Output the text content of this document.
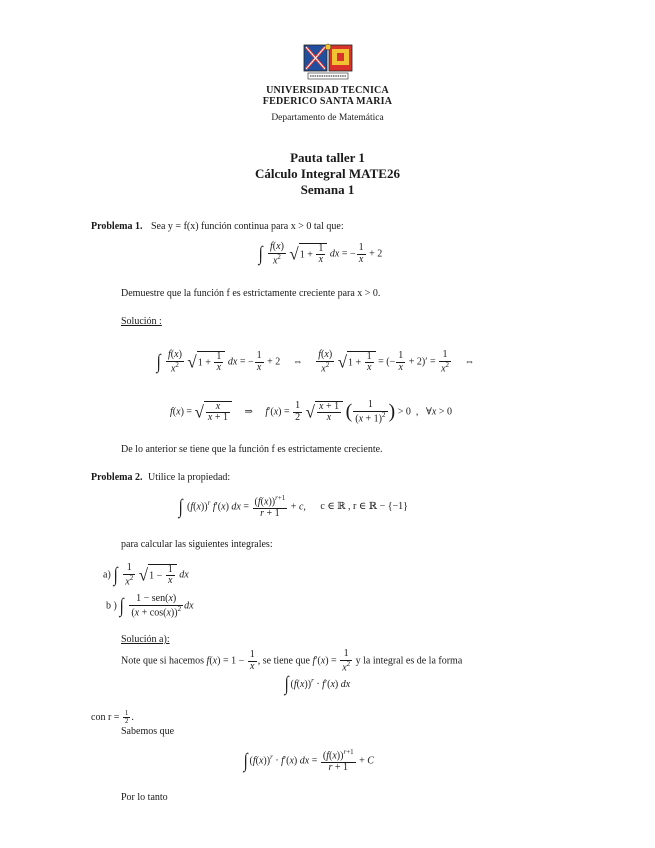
UNIVERSIDAD TECNICA
FEDERICO SANTA MARIA
Departamento de Matemática
Pauta taller 1
Cálculo Integral MATE26
Semana 1
Problema 1. Sea y = f(x) función continua para x > 0 tal que:
∫ $\frac{f(x)}{x^2} √1 + \frac{1}{x}$ dx = − $\frac{1}{x} + 2$
Demuestre que la función f es estrictamente creciente para x > 0.
Solución :
∫ $\frac{f(x)}{x^2} √1 + \frac{1}{x}$ dx = − $\frac{1}{x} + 2$ ⇔ $\frac{f(x)}{x^2} √1 + \frac{1}{x}$ = (− $\frac{1}{x} + 2)' = \frac{1}{x^2}$ ⇔
f(x) = √ $\frac{x}{x + 1}$ ⇒ $f'(x) = \frac{1}{2}$ √ $\frac{x + 1}{x}$ ( $\frac{1}{(x + 1)^2}$ ) > 0  ,   ∀x > 0
De lo anterior se tiene que la función f es estrictamente creciente.
Problema 2. Utilice la propiedad:
∫ $(f(x))^r$ f′(x) dx = $\frac{(f(x))^{r+1}}{r + 1} + c$, c ∈ ℝ , r ∈ ℝ − {−1}
para calcular las siguientes integrales:
a) ∫ $\frac{1}{x^2} √1 - \frac{1}{x}$ dx
b ) ∫ $\frac{\text{1 − sen(x)}}{(x + \cos(x))^2}$ dx
Solución a):
Note que si hacemos $f(x) = 1 - \frac{1}{x}$ , se tiene que $f'(x) = \frac{1}{x^2}$ y la integral es de la forma
∫ $(f(x))^r \cdot f'(x)$ dx
con $r = \frac{1}{2}$ .
Sabemos que
∫ $(f(x))^r \cdot f'(x)$ dx = $\frac{(f(x))^{r+1}}{r + 1} + C$
Por lo tanto
